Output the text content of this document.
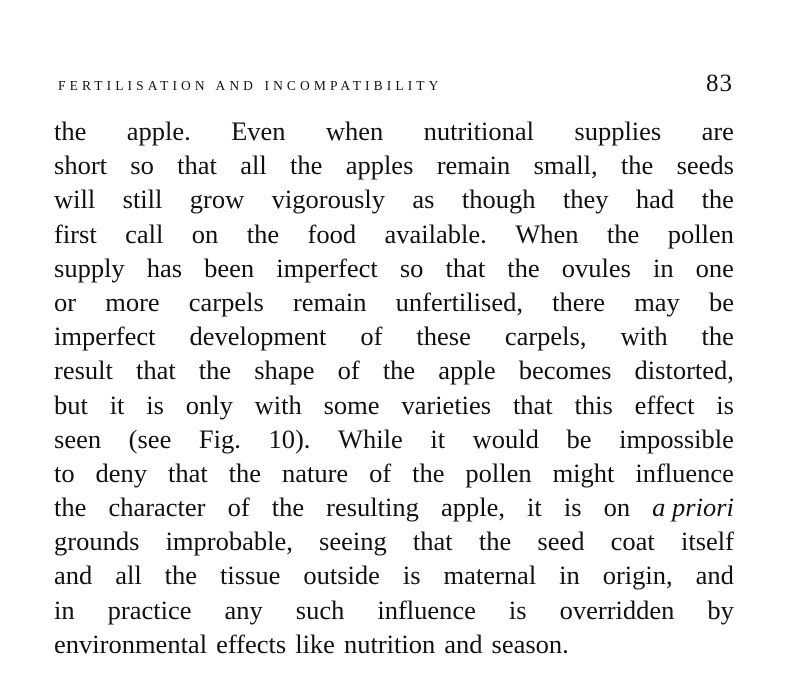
FERTILISATION AND INCOMPATIBILITY	83
the apple. Even when nutritional supplies are
short so that all the apples remain small, the seeds
will still grow vigorously as though they had the
first call on the food available. When the pollen
supply has been imperfect so that the ovules in one
or more carpels remain unfertilised, there may be
imperfect development of these carpels, with the
result that the shape of the apple becomes distorted,
but it is only with some varieties that this effect is
seen (see Fig. 10). While it would be impossible
to deny that the nature of the pollen might influence
the character of the resulting apple, it is on a priori
grounds improbable, seeing that the seed coat itself
and all the tissue outside is maternal in origin, and
in practice any such influence is overridden by
environmental effects like nutrition and season.
